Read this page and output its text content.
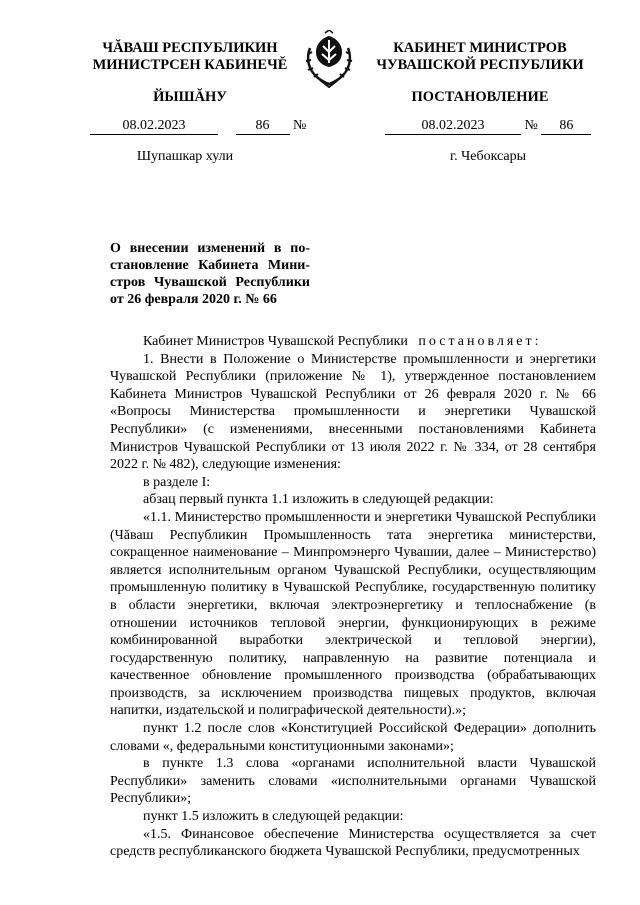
ЧĂВАШ РЕСПУБЛИКИН
МИНИСТРСЕН КАБИНЕЧĔ
ЙЫШĂНУ
КАБИНЕТ МИНИСТРОВ
ЧУВАШСКОЙ РЕСПУБЛИКИ
ПОСТАНОВЛЕНИЕ
08.02.2023	86 №	08.02.2023	№ 86
Шупашкар хули	г. Чебоксары
О внесении изменений в по-
становление Кабинета Мини-
стров Чувашской Республики
от 26 февраля 2020 г. № 66

Кабинет Министров Чувашской Республики постановляет:

1. Внести в Положение о Министерстве промышленности и энергетики Чувашской Республики (приложение № 1), утвержденное постановлением Кабинета Министров Чувашской Республики от 26 февраля 2020 г. № 66 «Вопросы Министерства промышленности и энергетики Чувашской Республики» (с изменениями, внесенными постановлениями Кабинета Министров Чувашской Республики от 13 июля 2022 г. № 334, от 28 сентября 2022 г. № 482), следующие изменения:

в разделе I:

абзац первый пункта 1.1 изложить в следующей редакции:

«1.1. Министерство промышленности и энергетики Чувашской Республики (Чăваш Республикин Промышленность тата энергетика министерстви, сокращенное наименование – Минпромэнерго Чувашии, далее – Министерство) является исполнительным органом Чувашской Республики, осуществляющим промышленную политику в Чувашской Республике, государственную политику в области энергетики, включая электроэнергетику и теплоснабжение (в отношении источников тепловой энергии, функционирующих в режиме комбинированной выработки электрической и тепловой энергии), государственную политику, направленную на развитие потенциала и качественное обновление промышленного производства (обрабатывающих производств, за исключением производства пищевых продуктов, включая напитки, издательской и полиграфической деятельности).»;

пункт 1.2 после слов «Конституцией Российской Федерации» дополнить словами «, федеральными конституционными законами»;

в пункте 1.3 слова «органами исполнительной власти Чувашской Республики» заменить словами «исполнительными органами Чувашской Республики»;

пункт 1.5 изложить в следующей редакции:

«1.5. Финансовое обеспечение Министерства осуществляется за счет средств республиканского бюджета Чувашской Республики, предусмотренных
